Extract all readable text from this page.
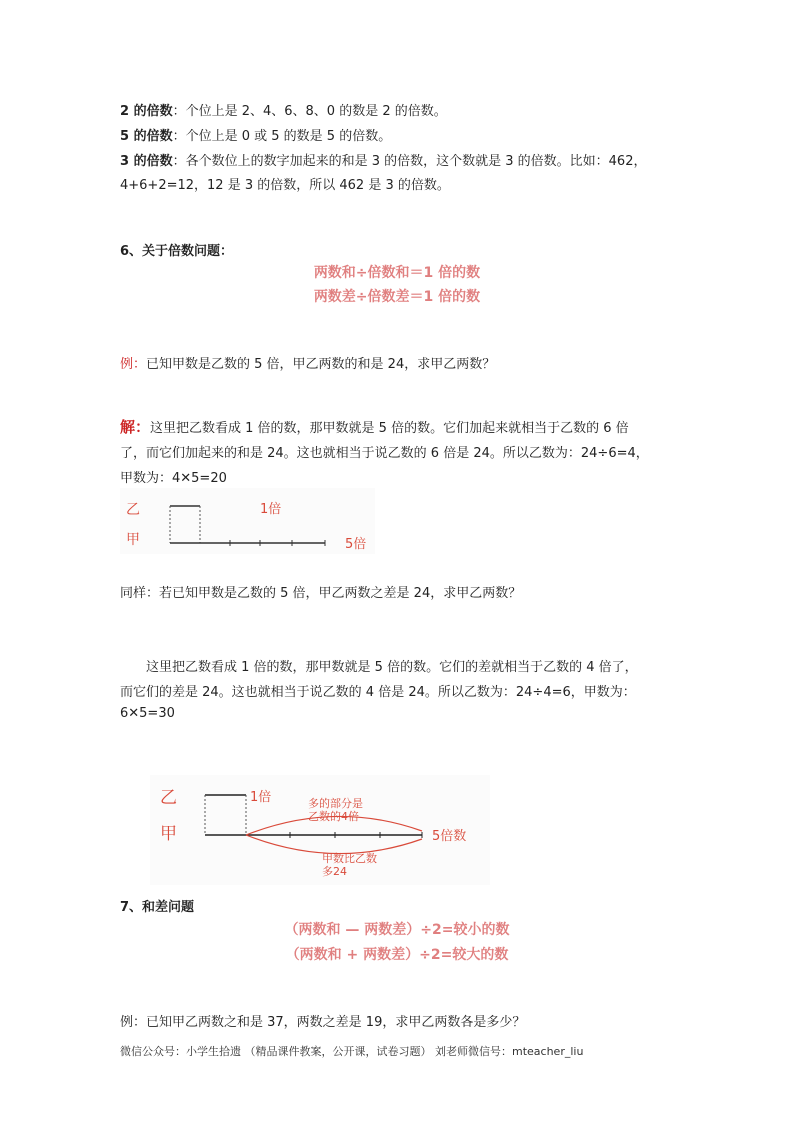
2 的倍数：个位上是 2、4、6、8、0 的数是 2 的倍数。
5 的倍数：个位上是 0 或 5 的数是 5 的倍数。
3 的倍数：各个数位上的数字加起来的和是 3 的倍数，这个数就是 3 的倍数。比如：462，
4+6+2=12，12 是 3 的倍数，所以 462 是 3 的倍数。
6、关于倍数问题：
两数和÷倍数和＝1 倍的数
两数差÷倍数差＝1 倍的数
例：已知甲数是乙数的 5 倍，甲乙两数的和是 24，求甲乙两数？
解：这里把乙数看成 1 倍的数，那甲数就是 5 倍的数。它们加起来就相当于乙数的 6 倍
了，而它们加起来的和是 24。这也就相当于说乙数的 6 倍是 24。所以乙数为：24÷6=4，
甲数为：4✕5=20
乙
甲
1倍
5倍
同样：若已知甲数是乙数的 5 倍，甲乙两数之差是 24，求甲乙两数？
这里把乙数看成 1 倍的数，那甲数就是 5 倍的数。它们的差就相当于乙数的 4 倍了，
而它们的差是 24。这也就相当于说乙数的 4 倍是 24。所以乙数为：24÷4=6，甲数为：
6✕5=30
乙
甲
1倍	多的部分是
乙数的4倍
甲数比乙数
多24
5倍数
7、和差问题
（两数和 — 两数差）÷2=较小的数
（两数和 + 两数差）÷2=较大的数
例：已知甲乙两数之和是 37，两数之差是 19，求甲乙两数各是多少？
微信公众号：小学生拾遗 （精品课件教案，公开课，试卷习题） 刘老师微信号：mteacher_liu
